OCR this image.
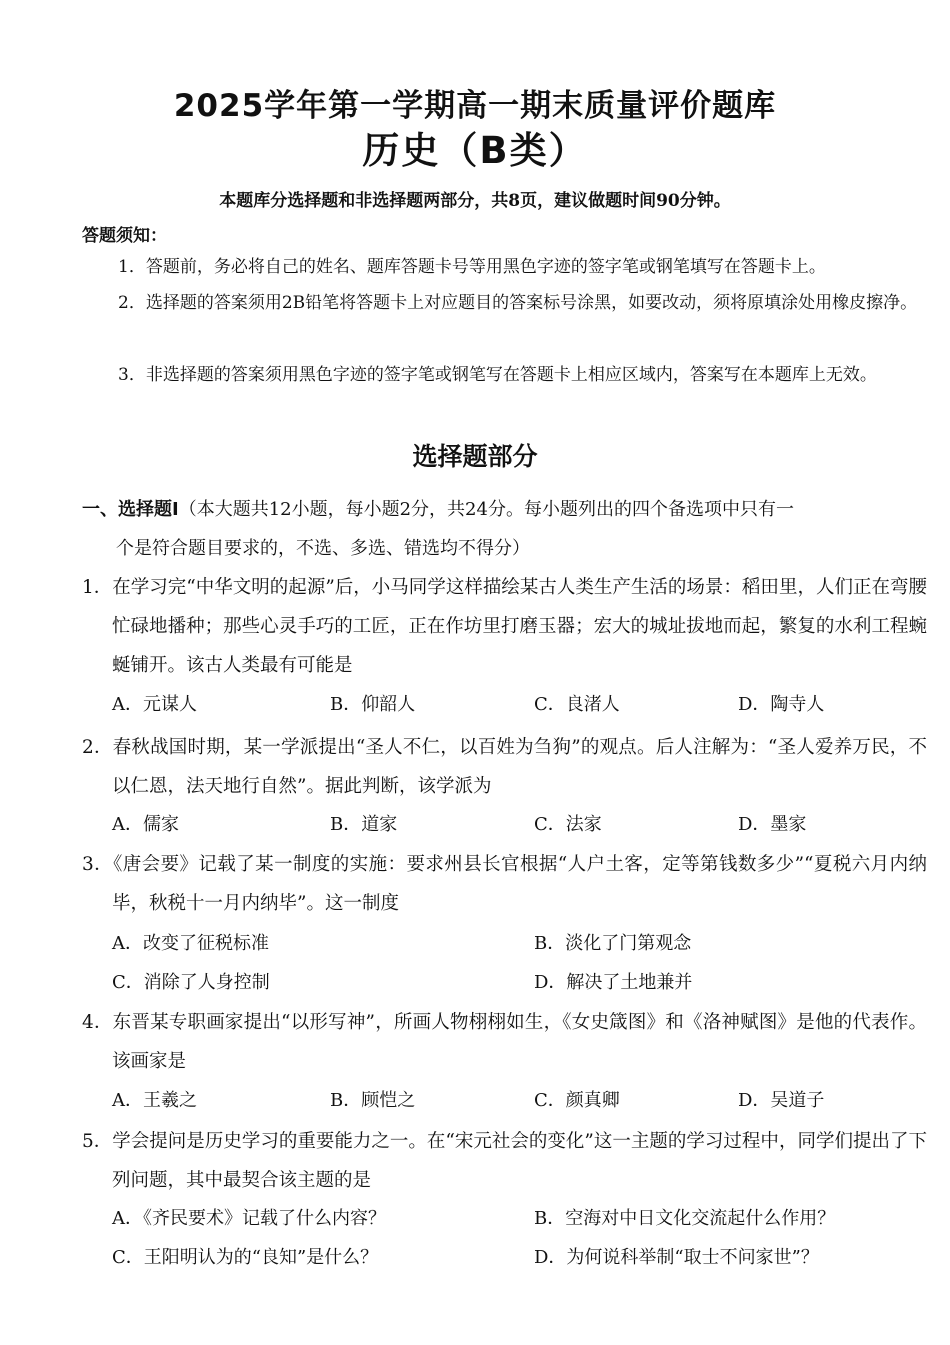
2025学年第一学期高一期末质量评价题库
历史（B类）
本题库分选择题和非选择题两部分，共8页，建议做题时间90分钟。
答题须知：
1．答题前，务必将自己的姓名、题库答题卡号等用黑色字迹的签字笔或钢笔填写在答题卡上。
2．选择题的答案须用2B铅笔将答题卡上对应题目的答案标号涂黑，如要改动，须将原填涂处用橡皮擦净。
3．非选择题的答案须用黑色字迹的签字笔或钢笔写在答题卡上相应区域内，答案写在本题库上无效。
选择题部分
一、选择题Ⅰ（本大题共12小题，每小题2分，共24分。每小题列出的四个备选项中只有一
个是符合题目要求的，不选、多选、错选均不得分）
1．在学习完“中华文明的起源”后，小马同学这样描绘某古人类生产生活的场景：稻田里，人们正在弯腰忙碌地播种；那些心灵手巧的工匠，正在作坊里打磨玉器；宏大的城址拔地而起，繁复的水利工程蜿蜒铺开。该古人类最有可能是
A．元谋人	B．仰韶人	C．良渚人	D．陶寺人
2．春秋战国时期，某一学派提出“圣人不仁，以百姓为刍狗”的观点。后人注解为：“圣人爱养万民，不以仁恩，法天地行自然”。据此判断，该学派为
A．儒家	B．道家	C．法家	D．墨家
3．《唐会要》记载了某一制度的实施：要求州县长官根据“人户土客，定等第钱数多少”“夏税六月内纳毕，秋税十一月内纳毕”。这一制度
A．改变了征税标准	B．淡化了门第观念
C．消除了人身控制	D．解决了土地兼并
4．东晋某专职画家提出“以形写神”，所画人物栩栩如生，《女史箴图》和《洛神赋图》是他的代表作。该画家是
A．王羲之	B．顾恺之	C．颜真卿	D．吴道子
5．学会提问是历史学习的重要能力之一。在“宋元社会的变化”这一主题的学习过程中，同学们提出了下列问题，其中最契合该主题的是
A．《齐民要术》记载了什么内容？	B．空海对中日文化交流起什么作用？
C．王阳明认为的“良知”是什么？	D．为何说科举制“取士不问家世”？
